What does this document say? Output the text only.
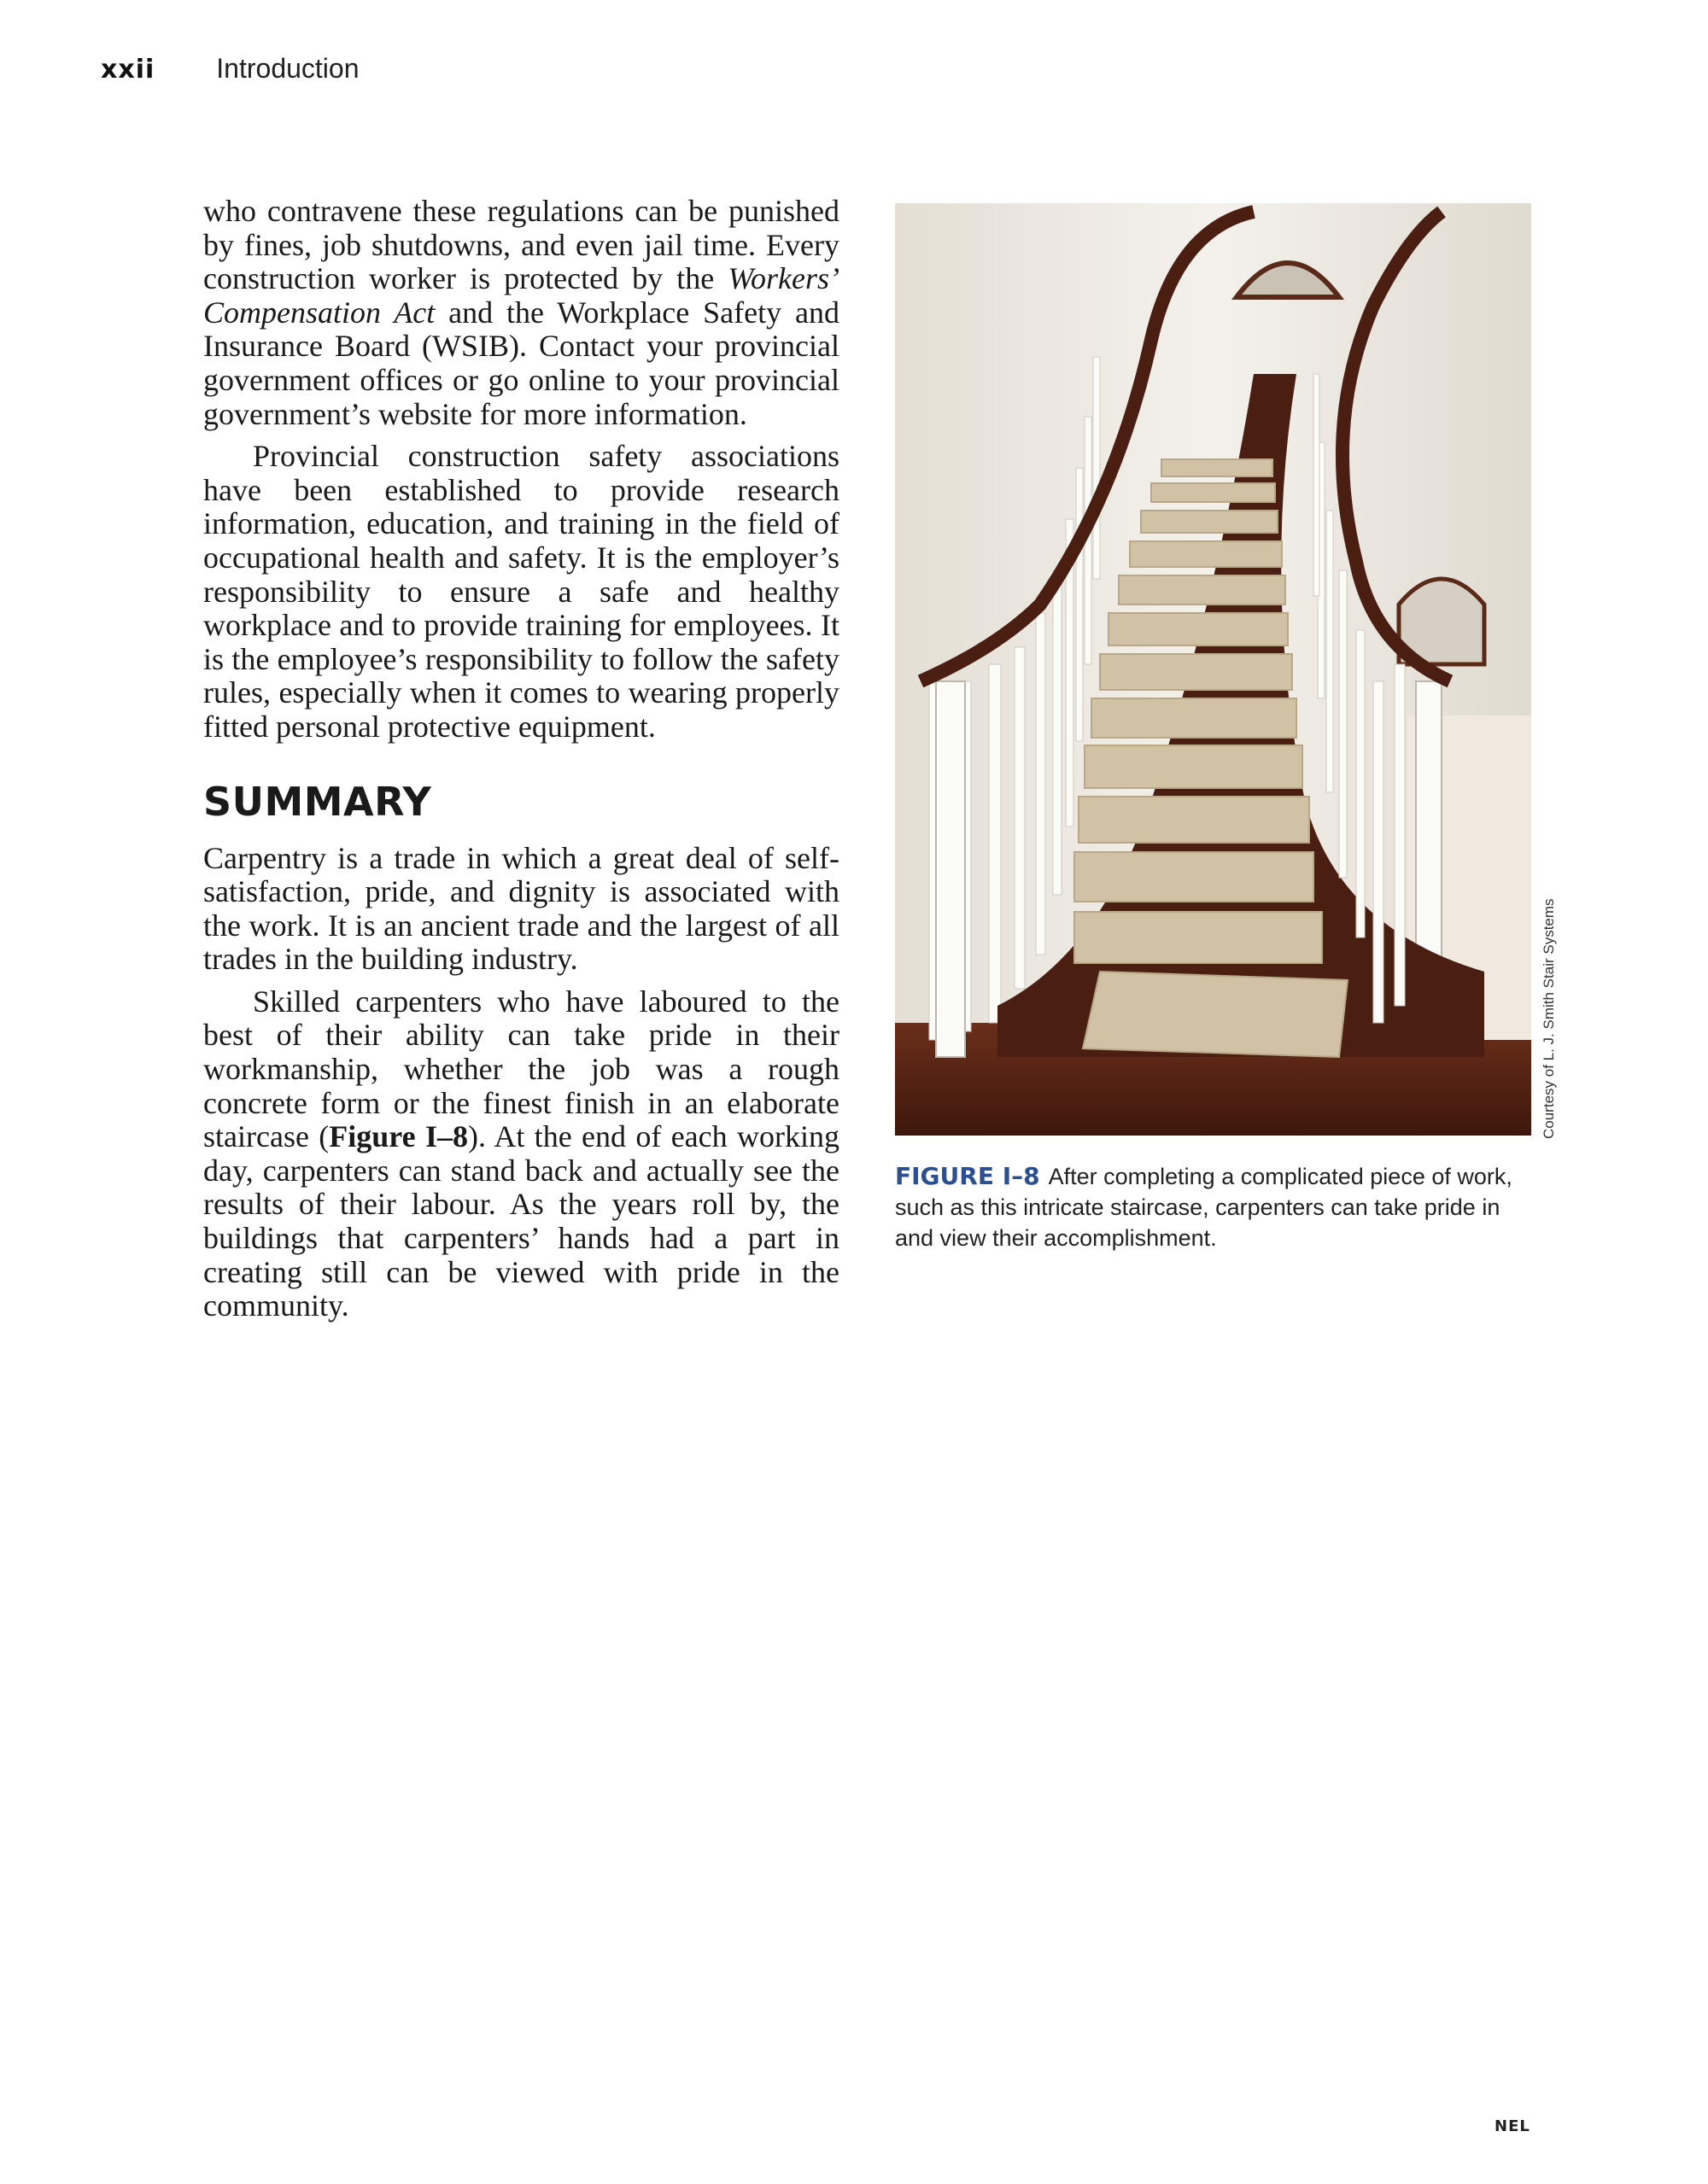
xxii Introduction

who contravene these regulations can be punished by fines, job shutdowns, and even jail time. Every construction worker is protected by the Workers’ Compensation Act and the Workplace Safety and Insurance Board (WSIB). Contact your provincial government offices or go online to your provincial government’s website for more information.

Provincial construction safety associations have been established to provide research information, education, and training in the field of occupational health and safety. It is the employer’s responsibility to ensure a safe and healthy workplace and to provide training for employees. It is the employee’s responsibility to follow the safety rules, especially when it comes to wearing properly fitted personal protective equipment.

SUMMARY

Carpentry is a trade in which a great deal of self-satisfaction, pride, and dignity is associated with the work. It is an ancient trade and the largest of all trades in the building industry.

Skilled carpenters who have laboured to the best of their ability can take pride in their workmanship, whether the job was a rough concrete form or the finest finish in an elaborate staircase (Figure I–8). At the end of each working day, carpenters can stand back and actually see the results of their labour. As the years roll by, the buildings that carpenters’ hands had a part in creating still can be viewed with pride in the community.

Courtesy of L. J. Smith Stair Systems
FIGURE I–8 After completing a complicated piece of work, such as this intricate staircase, carpenters can take pride in and view their accomplishment.
NEL
